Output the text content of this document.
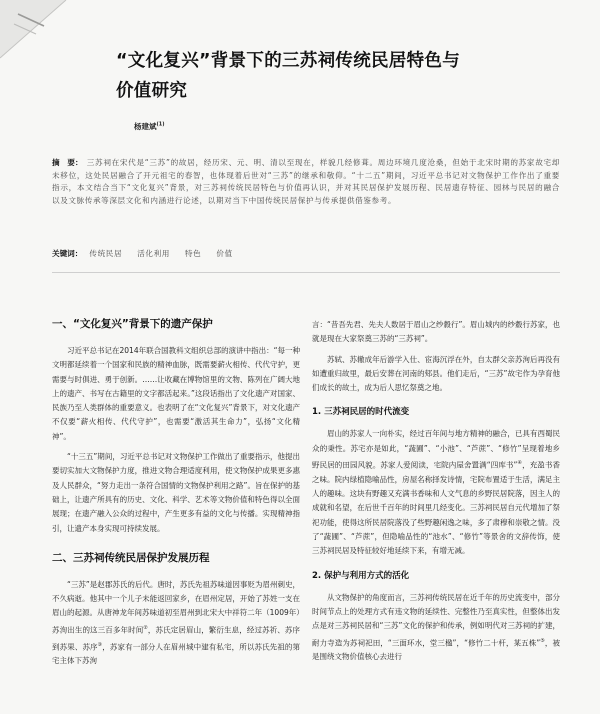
“文化复兴”背景下的三苏祠传统民居特色与
价值研究
杨建斌$^{(1)}$
摘　要： 三苏祠在宋代是“三苏”的故居，经历宋、元、明、清以至现在，样貌几经修葺。周边环境几度沧桑，但始于北宋时期的苏家故宅却未移位，这处民居融合了开元祖宅的春智，也体现着后世对“三苏”的继承和敬仰。“十二五”期间，习近平总书记对文物保护工作作出了重要指示，本文结合当下“文化复兴”背景，对三苏祠传统民居特色与价值再认识，并对其民居保护发展历程、民居遗存特征、园林与民居的融合以及文脉传承等深层文化和内涵进行论述，以期对当下中国传统民居保护与传承提供借鉴参考。
关键词： 传统民居 活化利用 特色 价值
一、“文化复兴”背景下的遗产保护

习近平总书记在2014年联合国教科文组织总部的演讲中指出：“每一种文明都延续着一个国家和民族的精神血脉，既需要薪火相传、代代守护，更需要与时俱进、勇于创新。……让收藏在博物馆里的文物、陈列在广阔大地上的遗产、书写在古籍里的文字都活起来。”这段话指出了文化遗产对国家、民族乃至人类群体的重要意义。也表明了在“文化复兴”背景下，对文化遗产不仅要“薪火相传、代代守护”，也需要“激活其生命力”，弘扬“文化精神”。

“十三五”期间，习近平总书记对文物保护工作做出了重要指示，他提出要切实加大文物保护力度，推进文物合理适度利用，使文物保护成果更多惠及人民群众，“努力走出一条符合国情的文物保护利用之路”。旨在保护的基础上，让遗产所具有的历史、文化、科学、艺术等文物价值和特色得以全面展现；在遗产融入公众的过程中，产生更多有益的文化与传播。实现精神指引，让遗产本身实现可持续发展。

二、三苏祠传统民居保护发展历程

“三苏”是赵郡苏氏的后代。唐时，苏氏先祖苏味道因事贬为眉州刺史，不久病逝。他其中一个儿子未能返回家乡，在眉州定居，开始了苏姓一支在眉山的起源。从唐神龙年间苏味道初至眉州到北宋大中祥符二年（1009年）苏洵出生的这三百多年时间②，苏氏定居眉山，繁衍生息，经过苏祈、苏序到苏果、苏序③，苏家有一部分人在眉州城中建有私宅，所以苏氏先祖的第宅主体下苏洵

言：“昔吾先君、先夫人数居于眉山之纱縠行”。眉山城内的纱縠行苏家，也就是现在大家祭奠三苏的“三苏祠”。

苏轼、苏辙成年后游学入仕、宦海沉浮在外，自太群父亲苏洵后再没有如遭重归故里，最后安葬在河南的郏县。他们走后，“三苏”故宅作为孕育他们成长的故土，成为后人思忆祭奠之地。

1. 三苏祠民居的时代流变

眉山的苏家人一向朴实，经过百年间与地方精神的融合，已具有西蜀民众的秉性。苏宅亦是如此，“蔬圃”、“小池”、“芦蔗”、“修竹”呈现着地乡野民居的田园风貌。苏家人爱阅读，宅院内屋舍置满“四库书”④，充盈书香之味。院内绿植隐喻品性，房屋名称择发诗情，宅院布置适于生活，满足主人的趣味。这块有野趣又充满书香味和人文气息的乡野民居院落，因主人的成就和名望，在后世千百年的时间里几经变化。三苏祠民居自元代增加了祭祀功能，使得这所民居院落没了些野趣闲逸之味，多了肃穆和崇敬之情。没了“蔬圃”、“芦蔗”，但隐喻品性的“池水”、“修竹”等景舍的文辞传饰，使三苏祠民居及特征较好地延续下来，有增无减。

2. 保护与利用方式的活化

从文物保护的角度而言，三苏祠传统民居在近千年的历史流变中，部分时间节点上的处理方式有违文物的延续性、完整性乃至真实性，但整体出发点是对三苏祠民居和“三苏”文化的保护和传承，例如明代对三苏祠的扩建，耐力寺造为苏祠祀田，“三面环水，堂三楹”，“修竹二十杆，某五株”⑤，被是围绕文物价值核心去进行
